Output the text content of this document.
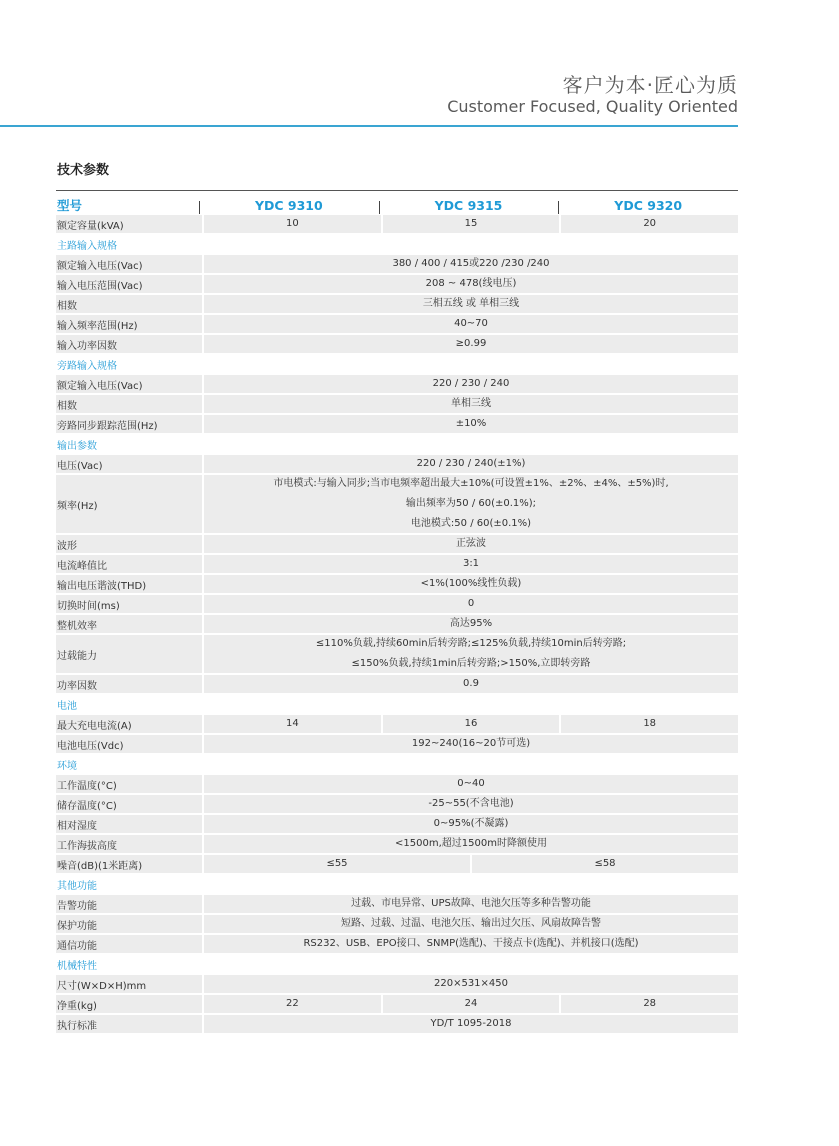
客户为本·匠心为质
Customer Focused, Quality Oriented
技术参数
型号	YDC 9310	YDC 9315	YDC 9320
额定容量(kVA)	10	15	20
主路输入规格
额定输入电压(Vac)	380 / 400 / 415或220 /230 /240
输入电压范围(Vac)	208 ~ 478(线电压)
相数	三相五线 或 单相三线
输入频率范围(Hz)	40~70
输入功率因数	≥0.99
旁路输入规格
额定输入电压(Vac)	220 / 230 / 240
相数	单相三线
旁路同步跟踪范围(Hz)	±10%
输出参数
电压(Vac)	220 / 230 / 240(±1%)
频率(Hz)
市电模式:与输入同步;当市电频率超出最大±10%(可设置±1%、±2%、±4%、±5%)时,
输出频率为50 / 60(±0.1%);
电池模式:50 / 60(±0.1%)
波形	正弦波
电流峰值比	3:1
输出电压谐波(THD)	<1%(100%线性负载)
切换时间(ms)	0
整机效率	高达95%
过载能力
≤110%负载,持续60min后转旁路;≤125%负载,持续10min后转旁路;
≤150%负载,持续1min后转旁路;>150%,立即转旁路
功率因数	0.9
电池
最大充电电流(A)	14	16	18
电池电压(Vdc)	192~240(16~20节可选)
环境
工作温度(°C)	0~40
储存温度(°C)	-25~55(不含电池)
相对湿度	0~95%(不凝露)
工作海拔高度	<1500m,超过1500m时降额使用
噪音(dB)(1米距离)	≤55	≤58
其他功能
告警功能	过载、市电异常、UPS故障、电池欠压等多种告警功能
保护功能	短路、过载、过温、电池欠压、输出过欠压、风扇故障告警
通信功能	RS232、USB、EPO接口、SNMP(选配)、干接点卡(选配)、并机接口(选配)
机械特性
尺寸(W×D×H)mm	220×531×450
净重(kg)	22	24	28
执行标准	YD/T 1095-2018
